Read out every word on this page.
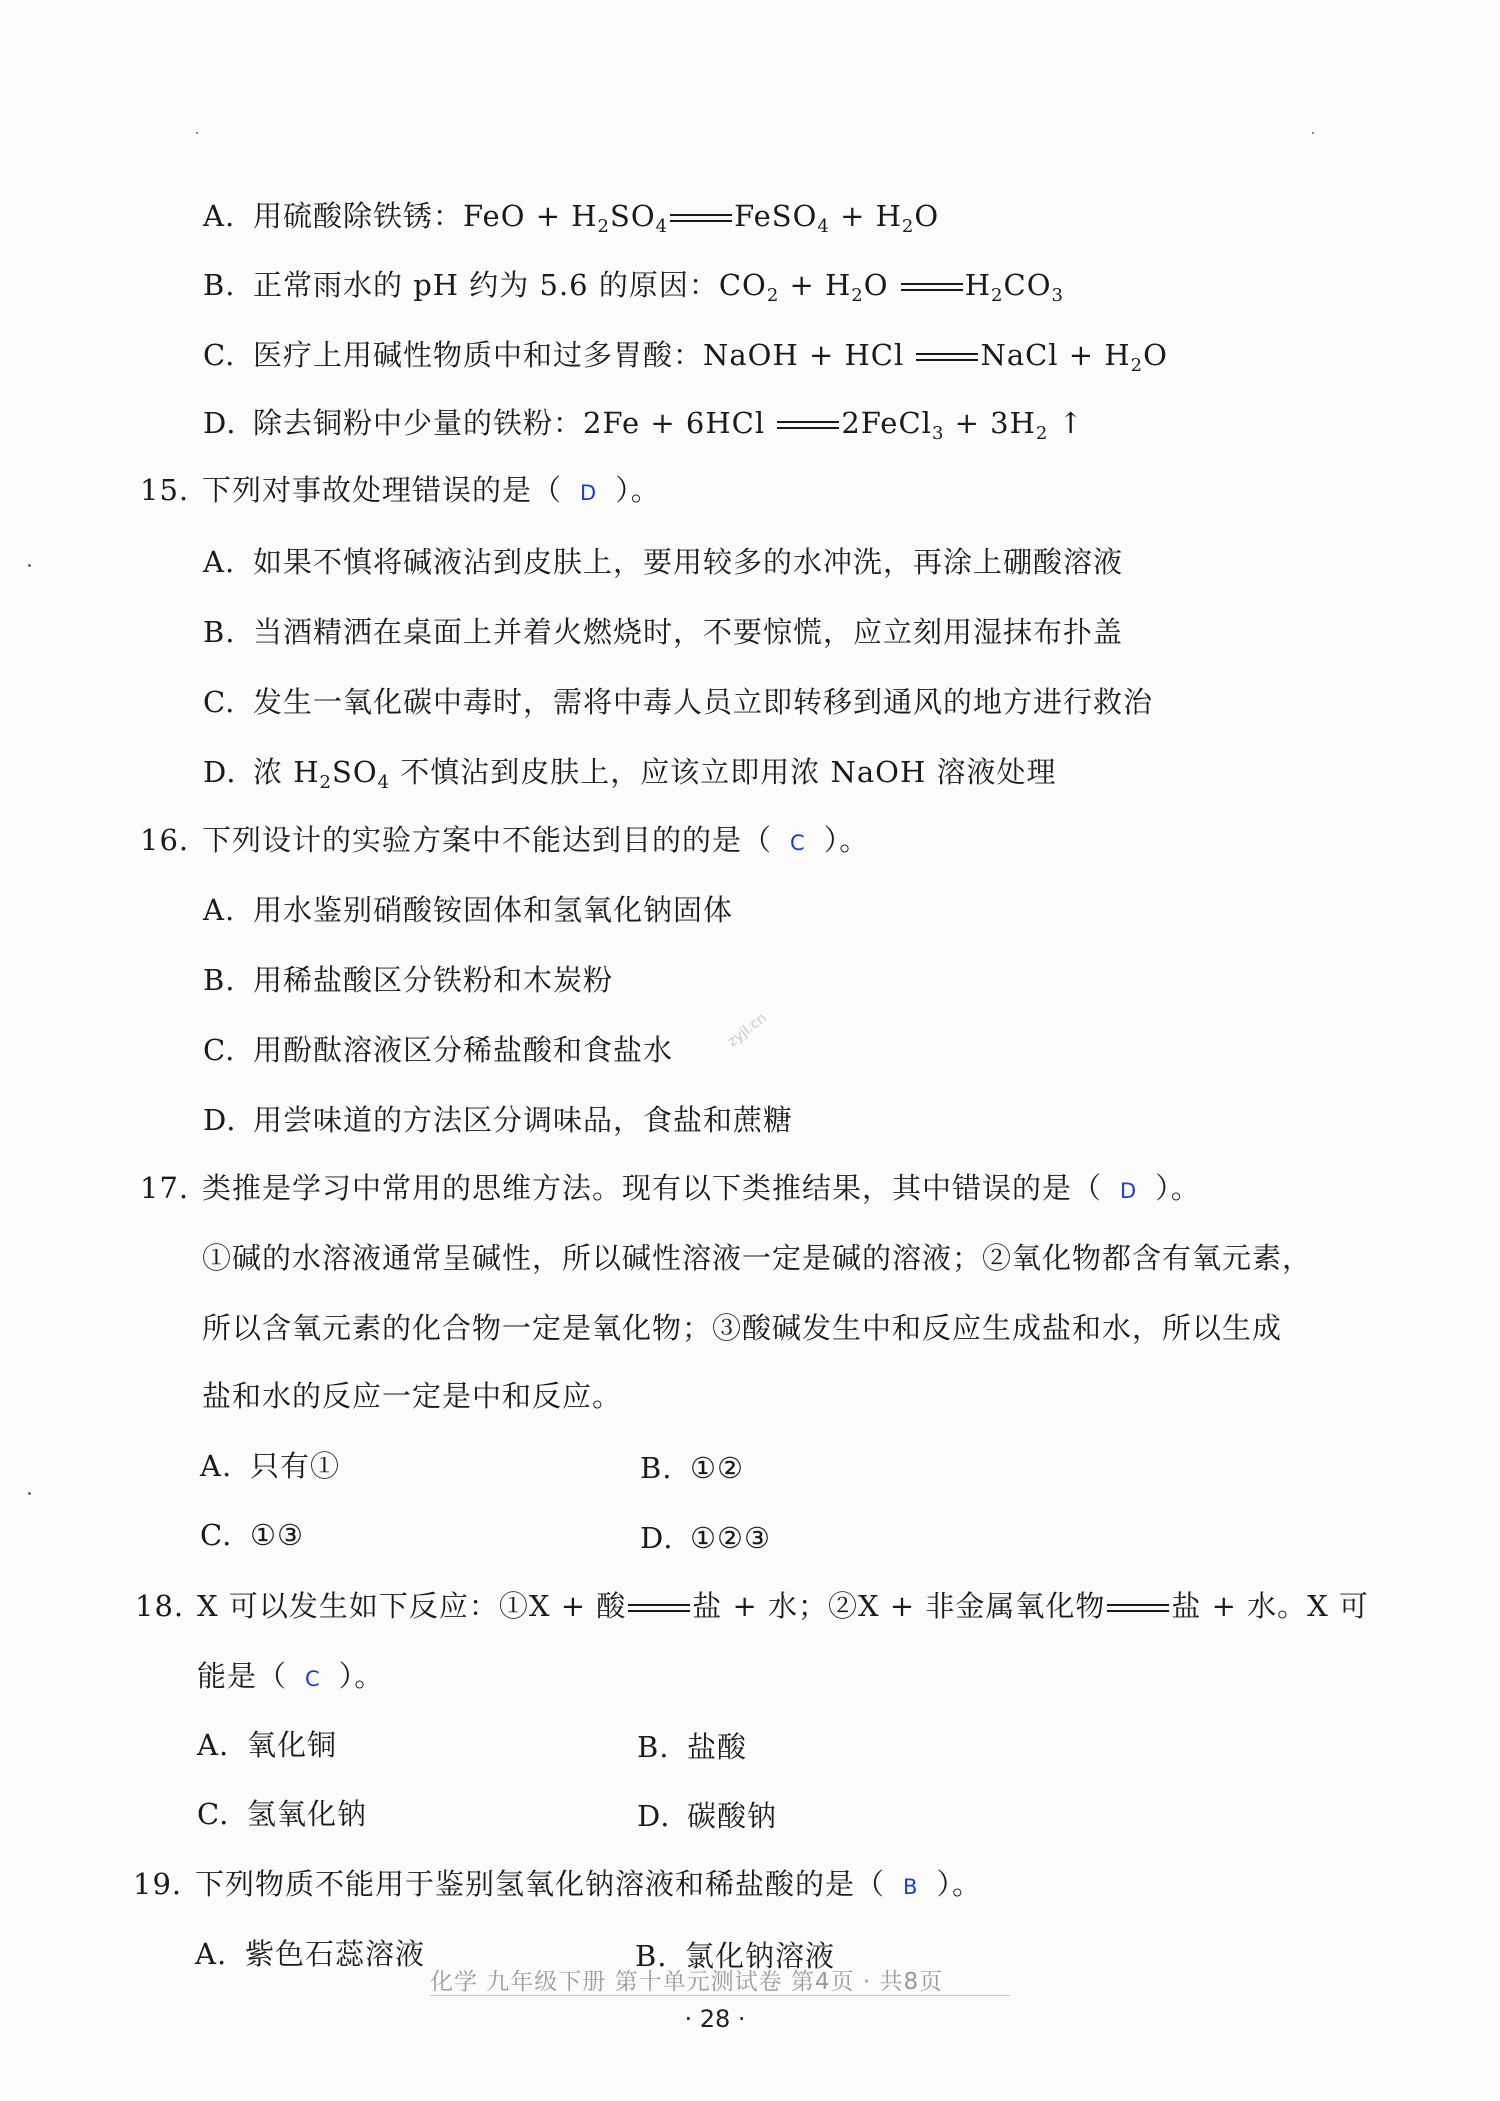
A. 用硫酸除铁锈：FeO + $H_2SO_4$ FeSO$_4$ + $H_2O$
B. 正常雨水的 pH 约为 5.6 的原因：$CO_2 + H_2O$ $H_2CO_3$
C. 医疗上用碱性物质中和过多胃酸：NaOH + HCl NaCl + $H_2O$
D. 除去铜粉中少量的铁粉：2Fe + 6HCl 2FeCl$_3$ + $3H_2$ ↑
15. 下列对事故处理错误的是（ D ）。
A. 如果不慎将碱液沾到皮肤上，要用较多的水冲洗，再涂上硼酸溶液
B. 当酒精洒在桌面上并着火燃烧时，不要惊慌，应立刻用湿抹布扑盖
C. 发生一氧化碳中毒时，需将中毒人员立即转移到通风的地方进行救治
D. 浓 $H_2SO_4$ 不慎沾到皮肤上，应该立即用浓 NaOH 溶液处理
16. 下列设计的实验方案中不能达到目的的是（ C ）。
A. 用水鉴别硝酸铵固体和氢氧化钠固体
B. 用稀盐酸区分铁粉和木炭粉
C. 用酚酞溶液区分稀盐酸和食盐水
D. 用尝味道的方法区分调味品，食盐和蔗糖
17. 类推是学习中常用的思维方法。现有以下类推结果，其中错误的是（ D ）。
①碱的水溶液通常呈碱性，所以碱性溶液一定是碱的溶液；②氧化物都含有氧元素，
所以含氧元素的化合物一定是氧化物；③酸碱发生中和反应生成盐和水，所以生成
盐和水的反应一定是中和反应。
A. 只有①	B. ①②
C. ①③	D. ①②③
18. X 可以发生如下反应：①X + 酸 盐 + 水；②X + 非金属氧化物 盐 + 水。X 可
能是（ C ）。
A. 氧化铜	B. 盐酸
C. 氢氧化钠	D. 碳酸钠
19. 下列物质不能用于鉴别氢氧化钠溶液和稀盐酸的是（ B ）。
A. 紫色石蕊溶液	B. 氯化钠溶液
化学 九年级下册 第十单元测试卷 第4页 · 共8页
· 28 ·
zyjl.cn
